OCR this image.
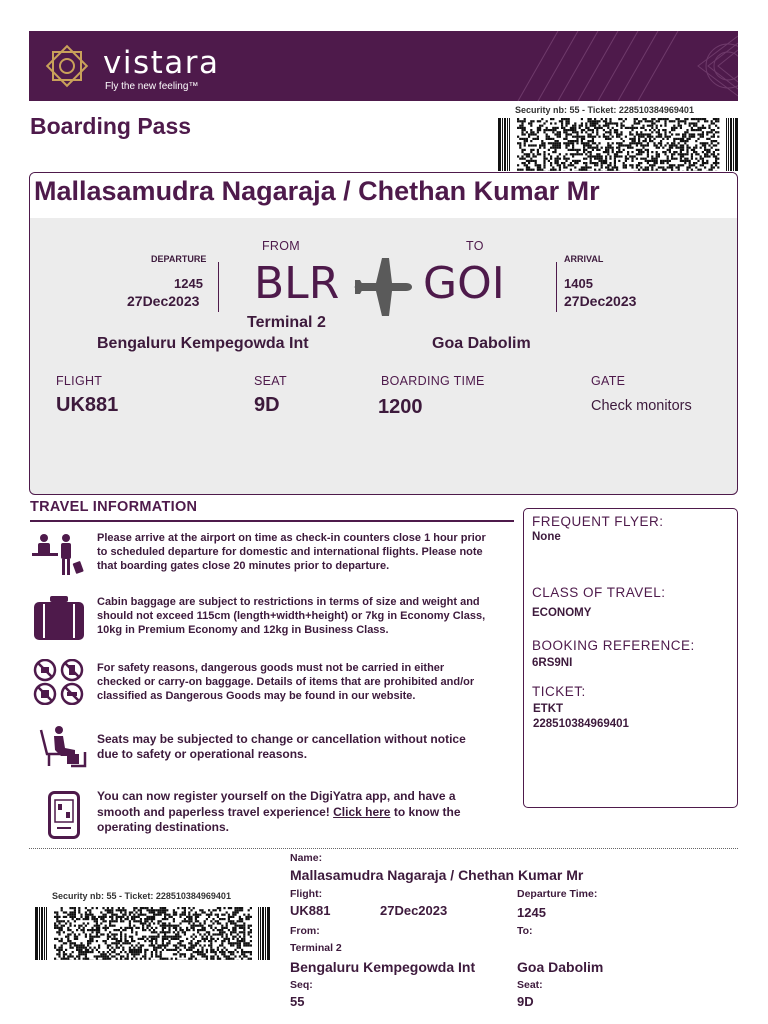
vistara
Fly the new feeling™
Boarding Pass
Security nb: 55 - Ticket: 228510384969401
Mallasamudra Nagaraja / Chethan Kumar Mr
DEPARTURE
1245
27Dec2023
FROM
BLR
TO
GOI	ARRIVAL
1405
27Dec2023
Terminal 2
Bengaluru Kempegowda Int	Goa Dabolim
FLIGHT
UK881
SEAT
9D
BOARDING TIME
1200
GATE
Check monitors
TRAVEL INFORMATION
Please arrive at the airport on time as check-in counters close 1 hour prior
to scheduled departure for domestic and international flights. Please note
that boarding gates close 20 minutes prior to departure.
Cabin baggage are subject to restrictions in terms of size and weight and
should not exceed 115cm (length+width+height) or 7kg in Economy Class,
10kg in Premium Economy and 12kg in Business Class.
For safety reasons, dangerous goods must not be carried in either
checked or carry-on baggage. Details of items that are prohibited and/or
classified as Dangerous Goods may be found in our website.
Seats may be subjected to change or cancellation without notice
due to safety or operational reasons.
You can now register yourself on the DigiYatra app, and have a
smooth and paperless travel experience! Click here to know the
operating destinations.
FREQUENT FLYER:
None
CLASS OF TRAVEL:
ECONOMY
BOOKING REFERENCE:
6RS9NI
TICKET:
ETKT
228510384969401
Security nb: 55 - Ticket: 228510384969401
Name:
Mallasamudra Nagaraja / Chethan Kumar Mr
Flight:
UK881	27Dec2023
Departure Time:
1245
From:	To:
Terminal 2
Bengaluru Kempegowda Int	Goa Dabolim
Seq:
55
Seat:
9D
